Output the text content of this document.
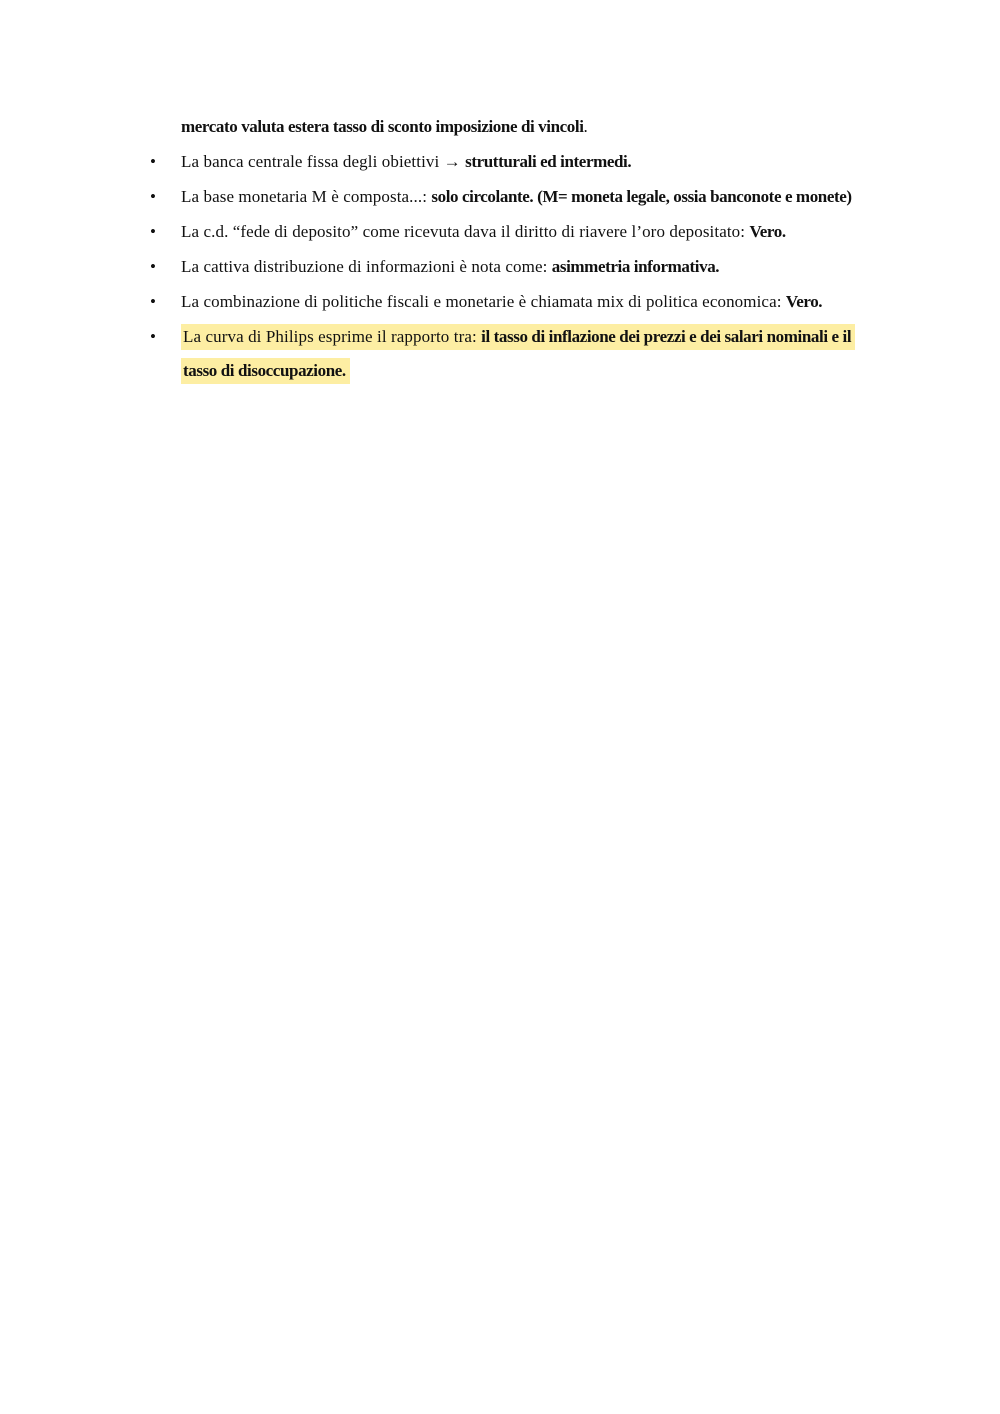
mercato valuta estera tasso di sconto imposizione di vincoli.
• La banca centrale fissa degli obiettivi → strutturali ed intermedi.
• La base monetaria M è composta...: solo circolante. (M= moneta legale, ossia banconote e monete)
• La c.d. “fede di deposito” come ricevuta dava il diritto di riavere l’oro depositato: Vero.
• La cattiva distribuzione di informazioni è nota come: asimmetria informativa.
• La combinazione di politiche fiscali e monetarie è chiamata mix di politica economica: Vero.
• La curva di Philips esprime il rapporto tra: il tasso di inflazione dei prezzi e dei salari nominali e il tasso di disoccupazione.
